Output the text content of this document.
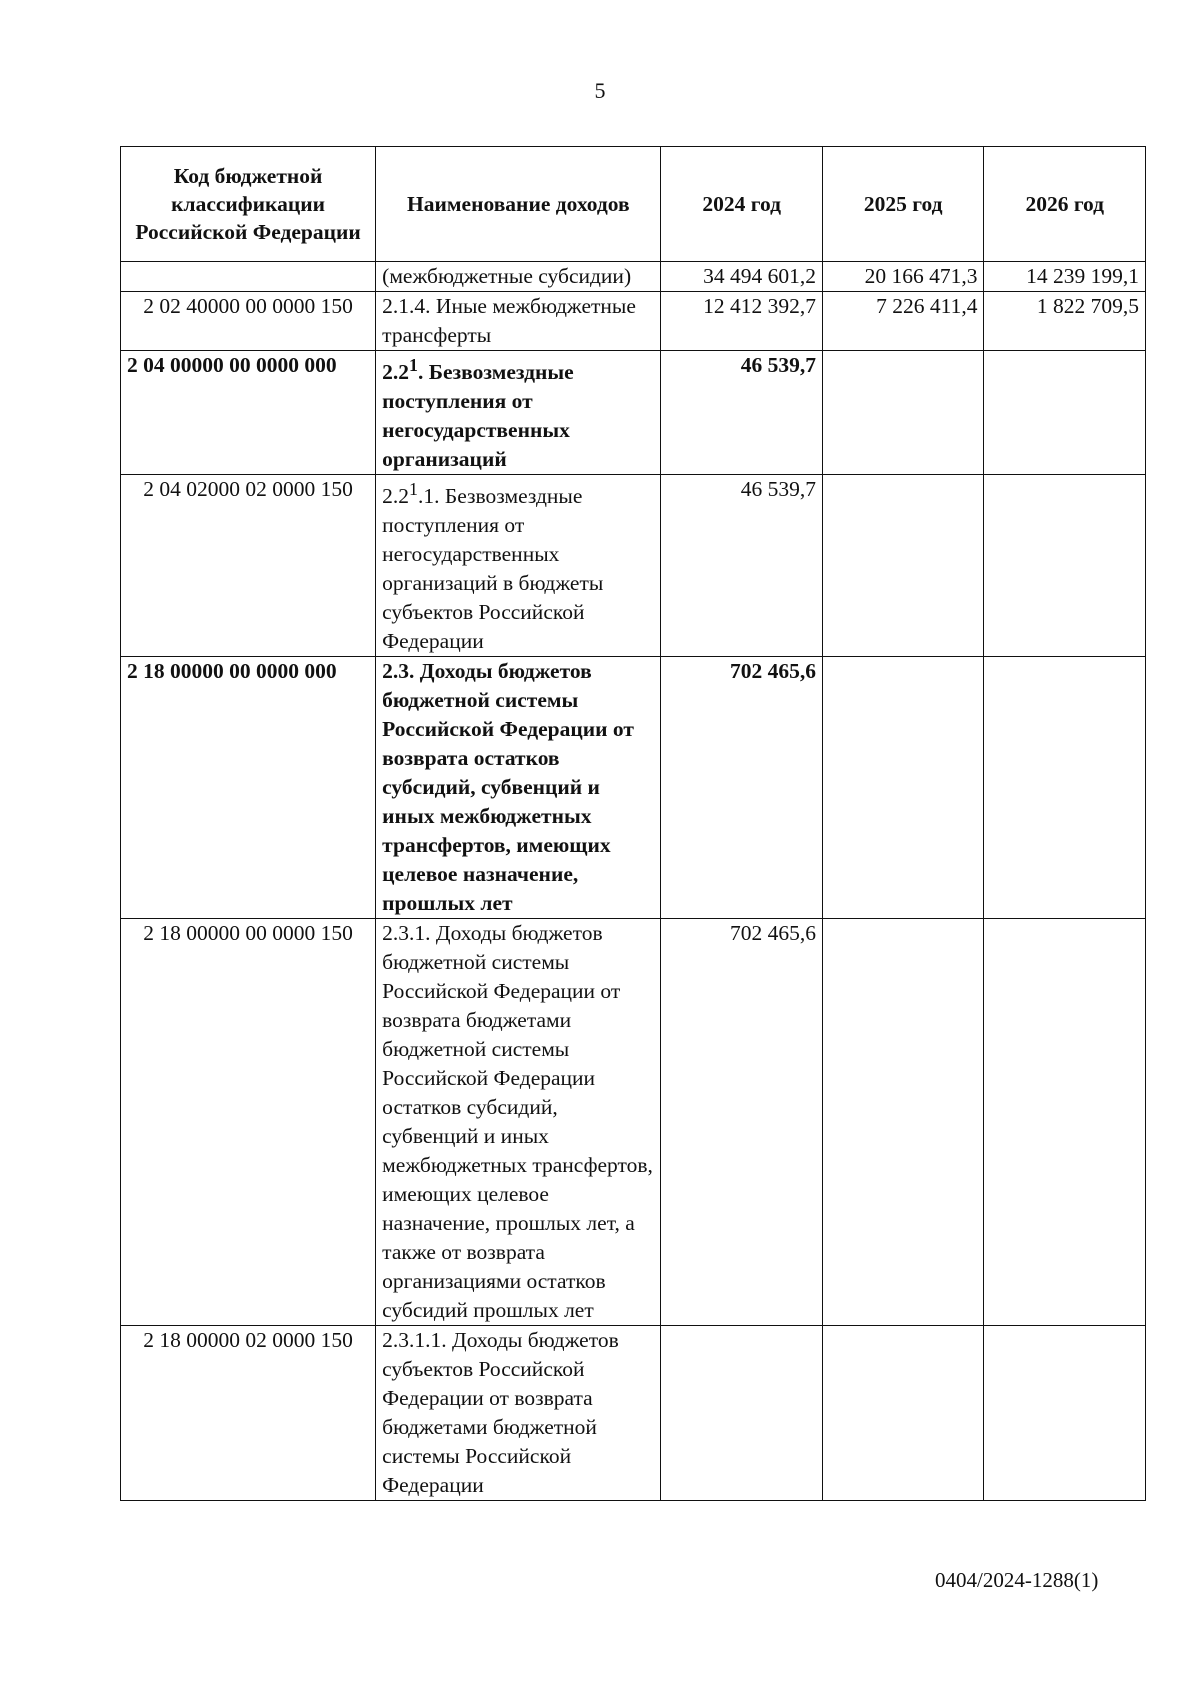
5
Код бюджетной классификации Российской Федерации	Наименование доходов	2024 год	2025 год	2026 год
	(межбюджетные субсидии)	34 494 601,2	20 166 471,3	14 239 199,1
2 02 40000 00 0000 150	2.1.4. Иные межбюджетные трансферты	12 412 392,7	7 226 411,4	1 822 709,5
2 04 00000 00 0000 000	$2.2^1$. Безвозмездные поступления от негосударственных организаций	46 539,7		
2 04 02000 02 0000 150	$2.2^1.1$. Безвозмездные поступления от негосударственных организаций в бюджеты субъектов Российской Федерации	46 539,7		
2 18 00000 00 0000 000	2.3. Доходы бюджетов бюджетной системы Российской Федерации от возврата остатков субсидий, субвенций и иных межбюджетных трансфертов, имеющих целевое назначение, прошлых лет	702 465,6		
2 18 00000 00 0000 150	2.3.1. Доходы бюджетов бюджетной системы Российской Федерации от возврата бюджетами бюджетной системы Российской Федерации остатков субсидий, субвенций и иных межбюджетных трансфертов, имеющих целевое назначение, прошлых лет, а также от возврата организациями остатков субсидий прошлых лет	702 465,6		
2 18 00000 02 0000 150	2.3.1.1. Доходы бюджетов субъектов Российской Федерации от возврата бюджетами бюджетной системы Российской Федерации			
0404/2024-1288(1)
